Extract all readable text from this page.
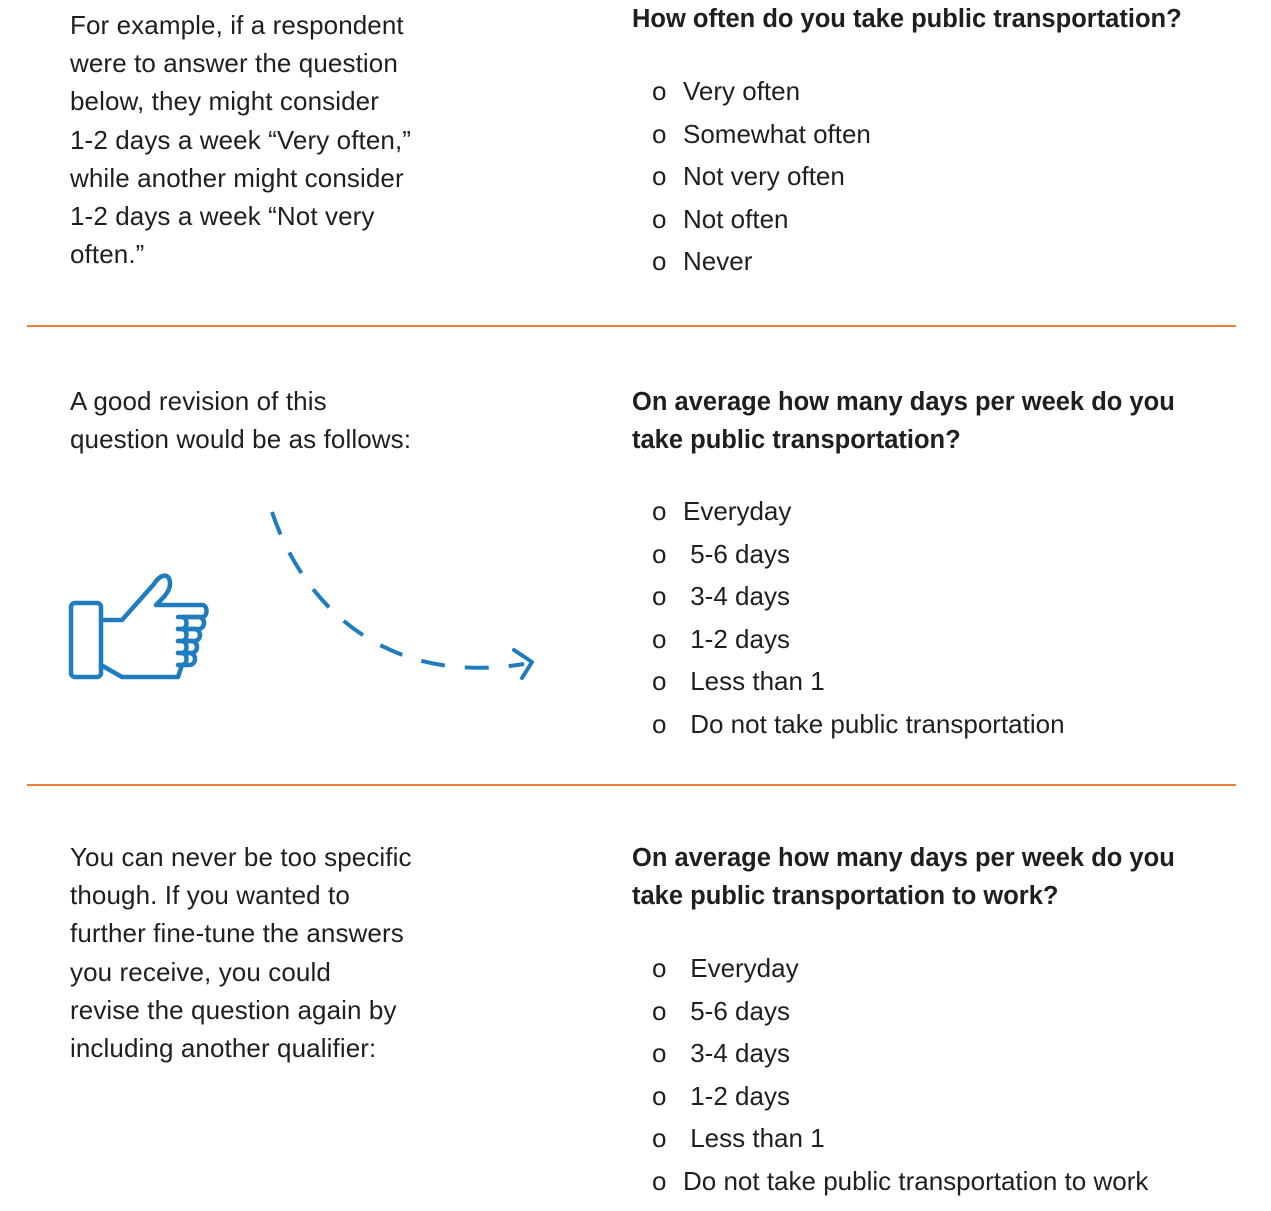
For example, if a respondent
were to answer the question
below, they might consider
1-2 days a week “Very often,”
while another might consider
1-2 days a week “Not very
often.”
How often do you take public transportation?
o Very often
o Somewhat often
o Not very often
o Not often
o Never
A good revision of this
question would be as follows:
On average how many days per week do you
take public transportation?
o Everyday
o 5-6 days
o 3-4 days
o 1-2 days
o Less than 1
o Do not take public transportation
You can never be too specific
though. If you wanted to
further fine-tune the answers
you receive, you could
revise the question again by
including another qualifier:
On average how many days per week do you
take public transportation to work?
o Everyday
o 5-6 days
o 3-4 days
o 1-2 days
o Less than 1
o Do not take public transportation to work
